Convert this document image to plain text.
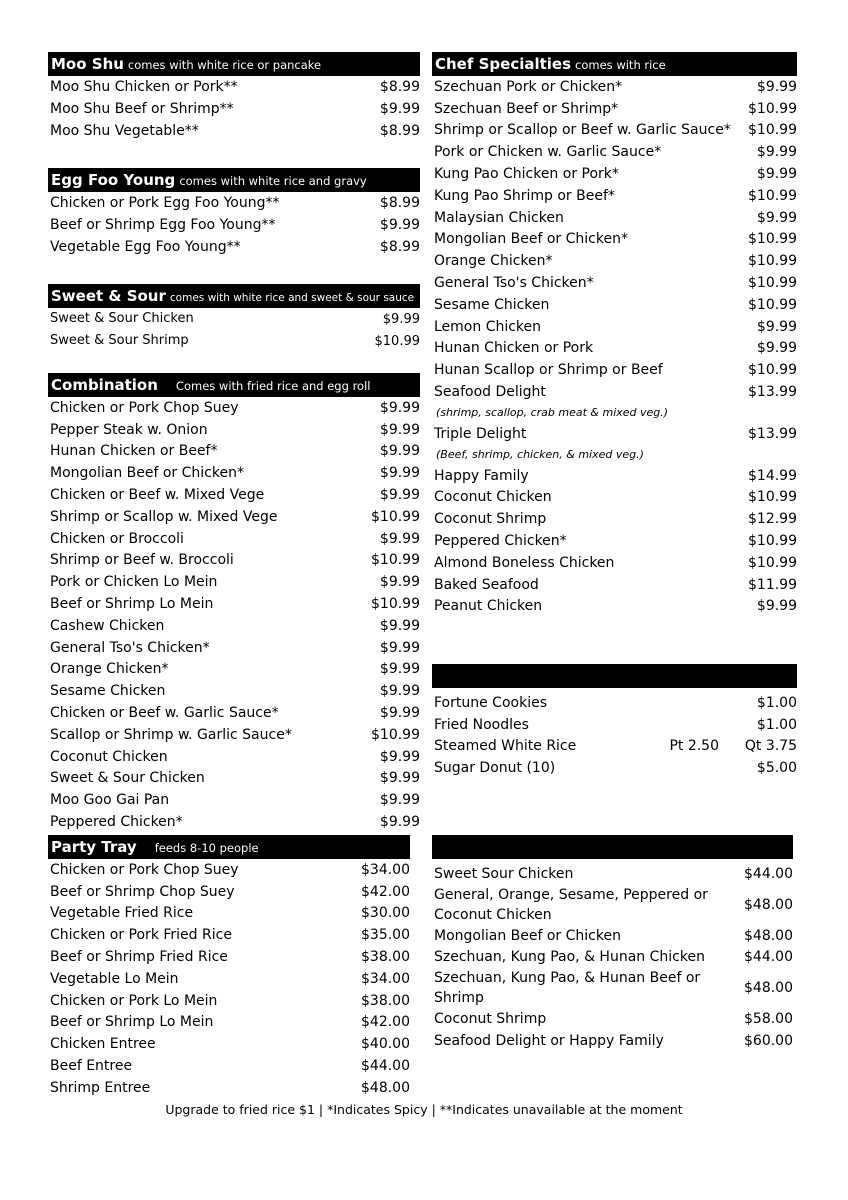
Moo Shu comes with white rice or pancake
Moo Shu Chicken or Pork**	$8.99
Moo Shu Beef or Shrimp**	$9.99
Moo Shu Vegetable**	$8.99
Egg Foo Young comes with white rice and gravy
Chicken or Pork Egg Foo Young**	$8.99
Beef or Shrimp Egg Foo Young**	$9.99
Vegetable Egg Foo Young**	$8.99
Sweet & Sour comes with white rice and sweet & sour sauce
Sweet & Sour Chicken	$9.99
Sweet & Sour Shrimp	$10.99
Combination Comes with fried rice and egg roll
Chicken or Pork Chop Suey	$9.99
Pepper Steak w. Onion	$9.99
Hunan Chicken or Beef*	$9.99
Mongolian Beef or Chicken*	$9.99
Chicken or Beef w. Mixed Vege	$9.99
Shrimp or Scallop w. Mixed Vege	$10.99
Chicken or Broccoli	$9.99
Shrimp or Beef w. Broccoli	$10.99
Pork or Chicken Lo Mein	$9.99
Beef or Shrimp Lo Mein	$10.99
Cashew Chicken	$9.99
General Tso's Chicken*	$9.99
Orange Chicken*	$9.99
Sesame Chicken	$9.99
Chicken or Beef w. Garlic Sauce*	$9.99
Scallop or Shrimp w. Garlic Sauce*	$10.99
Coconut Chicken	$9.99
Sweet & Sour Chicken	$9.99
Moo Goo Gai Pan	$9.99
Peppered Chicken*	$9.99
Party Tray feeds 8-10 people
Chicken or Pork Chop Suey	$34.00
Beef or Shrimp Chop Suey	$42.00
Vegetable Fried Rice	$30.00
Chicken or Pork Fried Rice	$35.00
Beef or Shrimp Fried Rice	$38.00
Vegetable Lo Mein	$34.00
Chicken or Pork Lo Mein	$38.00
Beef or Shrimp Lo Mein	$42.00
Chicken Entree	$40.00
Beef Entree	$44.00
Shrimp Entree	$48.00
Chef Specialties comes with rice
Szechuan Pork or Chicken*	$9.99
Szechuan Beef or Shrimp*	$10.99
Shrimp or Scallop or Beef w. Garlic Sauce*	$10.99
Pork or Chicken w. Garlic Sauce*	$9.99
Kung Pao Chicken or Pork*	$9.99
Kung Pao Shrimp or Beef*	$10.99
Malaysian Chicken	$9.99
Mongolian Beef or Chicken*	$10.99
Orange Chicken*	$10.99
General Tso's Chicken*	$10.99
Sesame Chicken	$10.99
Lemon Chicken	$9.99
Hunan Chicken or Pork	$9.99
Hunan Scallop or Shrimp or Beef	$10.99
Seafood Delight	$13.99
(shrimp, scallop, crab meat & mixed veg.)
Triple Delight	$13.99
(Beef, shrimp, chicken, & mixed veg.)
Happy Family	$14.99
Coconut Chicken	$10.99
Coconut Shrimp	$12.99
Peppered Chicken*	$10.99
Almond Boneless Chicken	$10.99
Baked Seafood	$11.99
Peanut Chicken	$9.99
Fortune Cookies	$1.00
Fried Noodles	$1.00
Steamed White Rice	Pt 2.50	Qt 3.75
Sugar Donut (10)	$5.00
Sweet Sour Chicken	$44.00
General, Orange, Sesame, Peppered or Coconut Chicken
$48.00
Mongolian Beef or Chicken	$48.00
Szechuan, Kung Pao, & Hunan Chicken	$44.00
Szechuan, Kung Pao, & Hunan Beef or Shrimp
$48.00
Coconut Shrimp	$58.00
Seafood Delight or Happy Family	$60.00
Upgrade to fried rice $1 | *Indicates Spicy | **Indicates unavailable at the moment
